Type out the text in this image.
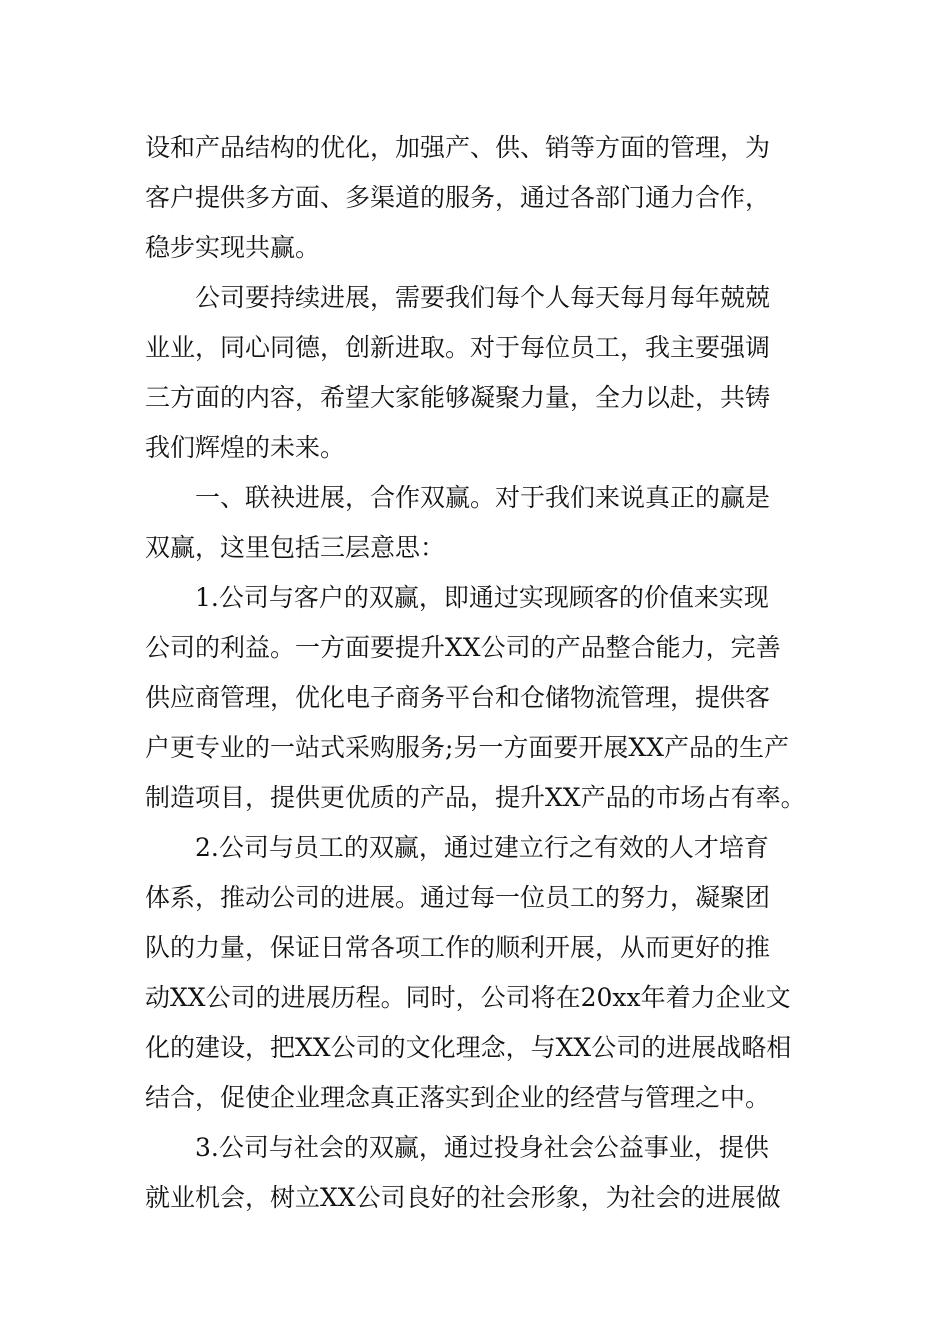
设和产品结构的优化，加强产、供、销等方面的管理，为
客户提供多方面、多渠道的服务，通过各部门通力合作，
稳步实现共赢。

公司要持续进展，需要我们每个人每天每月每年兢兢
业业，同心同德，创新进取。对于每位员工，我主要强调
三方面的内容，希望大家能够凝聚力量，全力以赴，共铸
我们辉煌的未来。

一、联袂进展，合作双赢。对于我们来说真正的赢是
双赢，这里包括三层意思：

1.公司与客户的双赢，即通过实现顾客的价值来实现
公司的利益。一方面要提升XX公司的产品整合能力，完善
供应商管理，优化电子商务平台和仓储物流管理，提供客
户更专业的一站式采购服务;另一方面要开展XX产品的生产
制造项目，提供更优质的产品，提升XX产品的市场占有率。

2.公司与员工的双赢，通过建立行之有效的人才培育
体系，推动公司的进展。通过每一位员工的努力，凝聚团
队的力量，保证日常各项工作的顺利开展，从而更好的推
动XX公司的进展历程。同时，公司将在20xx年着力企业文
化的建设，把XX公司的文化理念，与XX公司的进展战略相
结合，促使企业理念真正落实到企业的经营与管理之中。

3.公司与社会的双赢，通过投身社会公益事业，提供
就业机会，树立XX公司良好的社会形象，为社会的进展做
